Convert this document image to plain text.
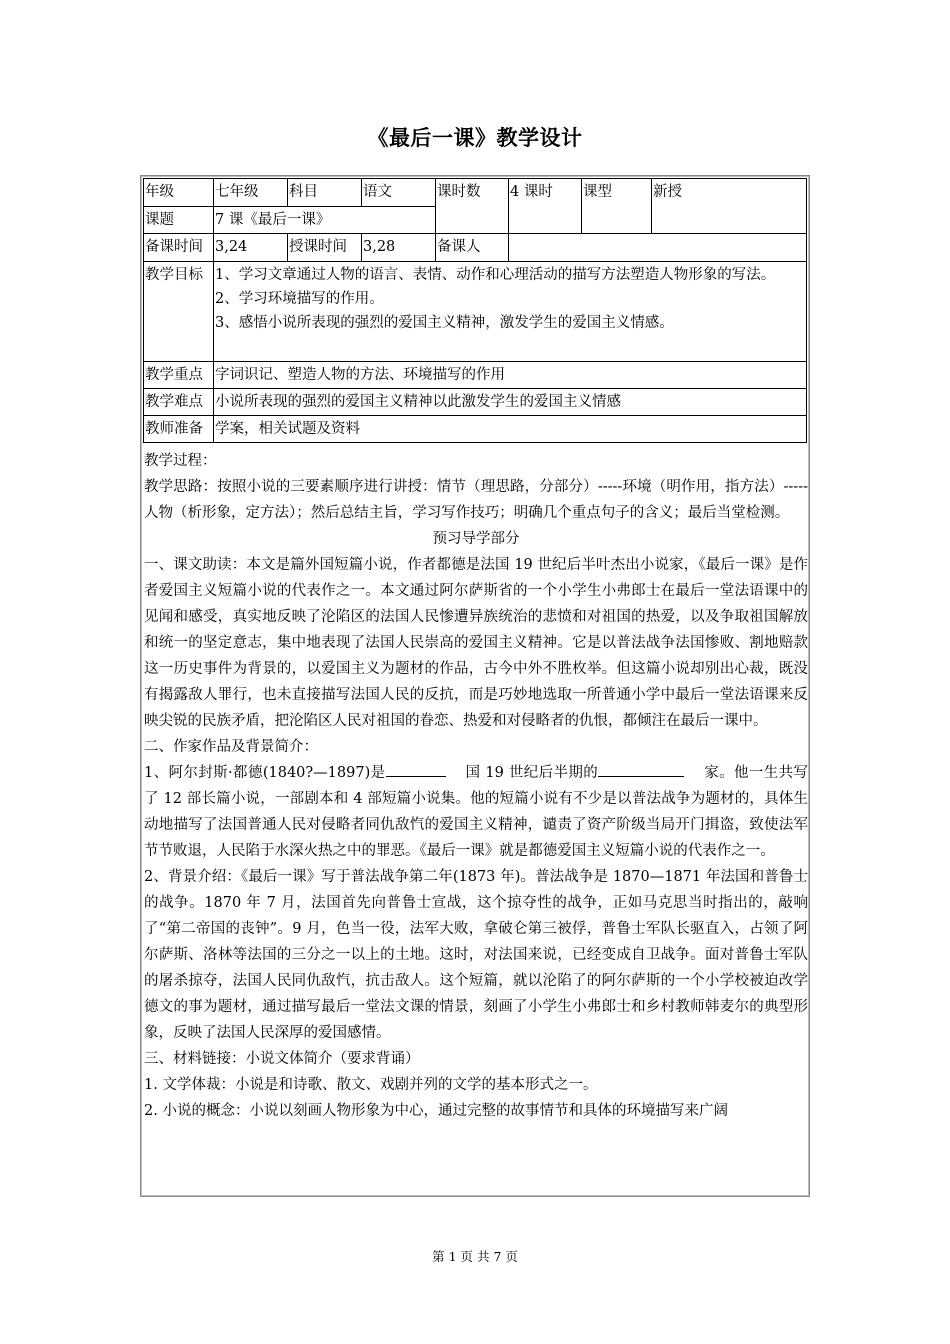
《最后一课》教学设计
年级	七年级	科目	语文	课时数	4 课时	课型	新授
课题	7 课《最后一课》						
备课时间	3,24	授课时间	3,28	备课人			
教学目标	1、学习文章通过人物的语言、表情、动作和心理活动的描写方法塑造人物形象的写法。

2、学习环境描写的作用。

3、感悟小说所表现的强烈的爱国主义精神，激发学生的爱国主义情感。						

教学重点	字词识记、塑造人物的方法、环境描写的作用						
教学难点	小说所表现的强烈的爱国主义精神以此激发学生的爱国主义情感						
教师准备	学案，相关试题及资料						

教学过程：

教学思路：按照小说的三要素顺序进行讲授：情节（理思路，分部分）-----环境（明作用，指方法）-----人物（析形象，定方法）；然后总结主旨，学习写作技巧；明确几个重点句子的含义；最后当堂检测。

预习导学部分

一、课文助读：本文是篇外国短篇小说，作者都德是法国 19 世纪后半叶杰出小说家，《最后一课》是作者爱国主义短篇小说的代表作之一。本文通过阿尔萨斯省的一个小学生小弗郎士在最后一堂法语课中的见闻和感受，真实地反映了沦陷区的法国人民惨遭异族统治的悲愤和对祖国的热爱，以及争取祖国解放和统一的坚定意志，集中地表现了法国人民崇高的爱国主义精神。它是以普法战争法国惨败、割地赔款这一历史事件为背景的，以爱国主义为题材的作品，古今中外不胜枚举。但这篇小说却别出心裁，既没有揭露敌人罪行，也未直接描写法国人民的反抗，而是巧妙地选取一所普通小学中最后一堂法语课来反映尖锐的民族矛盾，把沦陷区人民对祖国的眷恋、热爱和对侵略者的仇恨，都倾注在最后一课中。

二、作家作品及背景简介：

1、阿尔封斯·都德(1840?—1897)是	国 19 世纪后半期的	家。他一生共写了 12 部长篇小说，一部剧本和 4 部短篇小说集。他的短篇小说有不少是以普法战争为题材的，具体生动地描写了法国普通人民对侵略者同仇敌忾的爱国主义精神，谴责了资产阶级当局开门揖盗，致使法军节节败退，人民陷于水深火热之中的罪恶。《最后一课》就是都德爱国主义短篇小说的代表作之一。

2、背景介绍：《最后一课》写于普法战争第二年(1873 年)。普法战争是 1870—1871 年法国和普鲁士的战争。1870 年 7 月，法国首先向普鲁士宣战，这个掠夺性的战争，正如马克思当时指出的，敲响了“第二帝国的丧钟”。9 月，色当一役，法军大败，拿破仑第三被俘，普鲁士军队长驱直入，占领了阿尔萨斯、洛林等法国的三分之一以上的土地。这时，对法国来说，已经变成自卫战争。面对普鲁士军队的屠杀掠夺，法国人民同仇敌忾，抗击敌人。这个短篇，就以沦陷了的阿尔萨斯的一个小学校被迫改学德文的事为题材，通过描写最后一堂法文课的情景，刻画了小学生小弗郎士和乡村教师韩麦尔的典型形象，反映了法国人民深厚的爱国感情。

三、材料链接：小说文体简介（要求背诵）

1. 文学体裁：小说是和诗歌、散文、戏剧并列的文学的基本形式之一。

2. 小说的概念：小说以刻画人物形象为中心，通过完整的故事情节和具体的环境描写来广阔

第 1 页 共 7 页
